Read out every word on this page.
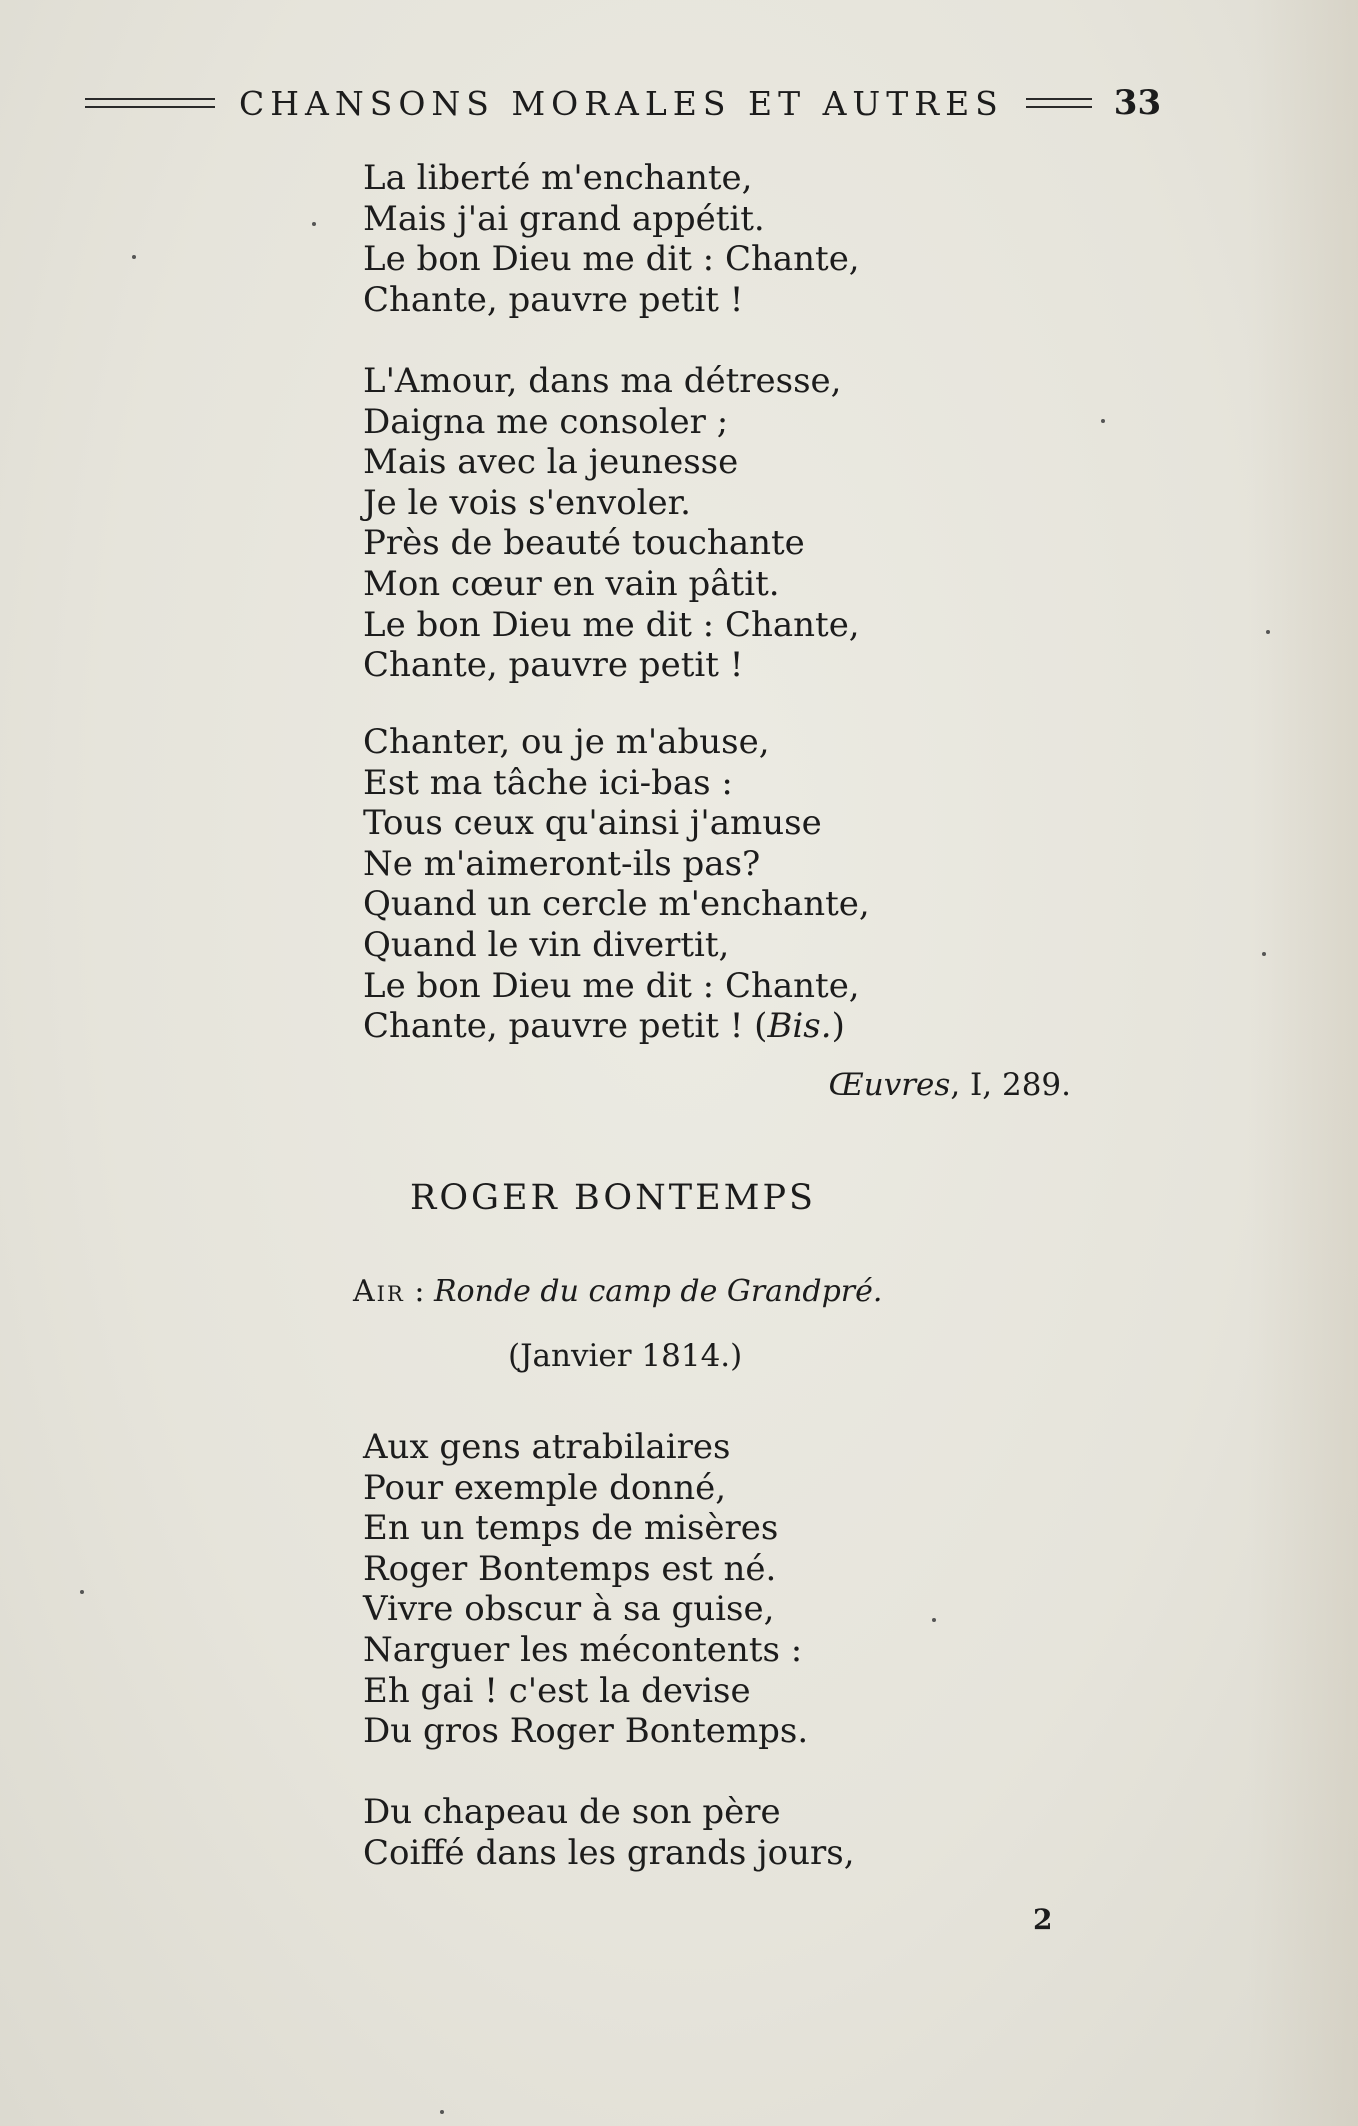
CHANSONS MORALES ET AUTRES	33
La liberté m'enchante,
Mais j'ai grand appétit.
Le bon Dieu me dit : Chante,
Chante, pauvre petit !
L'Amour, dans ma détresse,
Daigna me consoler ;
Mais avec la jeunesse
Je le vois s'envoler.
Près de beauté touchante
Mon cœur en vain pâtit.
Le bon Dieu me dit : Chante,
Chante, pauvre petit !
Chanter, ou je m'abuse,
Est ma tâche ici-bas :
Tous ceux qu'ainsi j'amuse
Ne m'aimeront-ils pas?
Quand un cercle m'enchante,
Quand le vin divertit,
Le bon Dieu me dit : Chante,
Chante, pauvre petit ! (Bis.)
Œuvres, I, 289.
ROGER BONTEMPS
Air : Ronde du camp de Grandpré.
(Janvier 1814.)
Aux gens atrabilaires
Pour exemple donné,
En un temps de misères
Roger Bontemps est né.
Vivre obscur à sa guise,
Narguer les mécontents :
Eh gai ! c'est la devise
Du gros Roger Bontemps.
Du chapeau de son père
Coiffé dans les grands jours,
2
